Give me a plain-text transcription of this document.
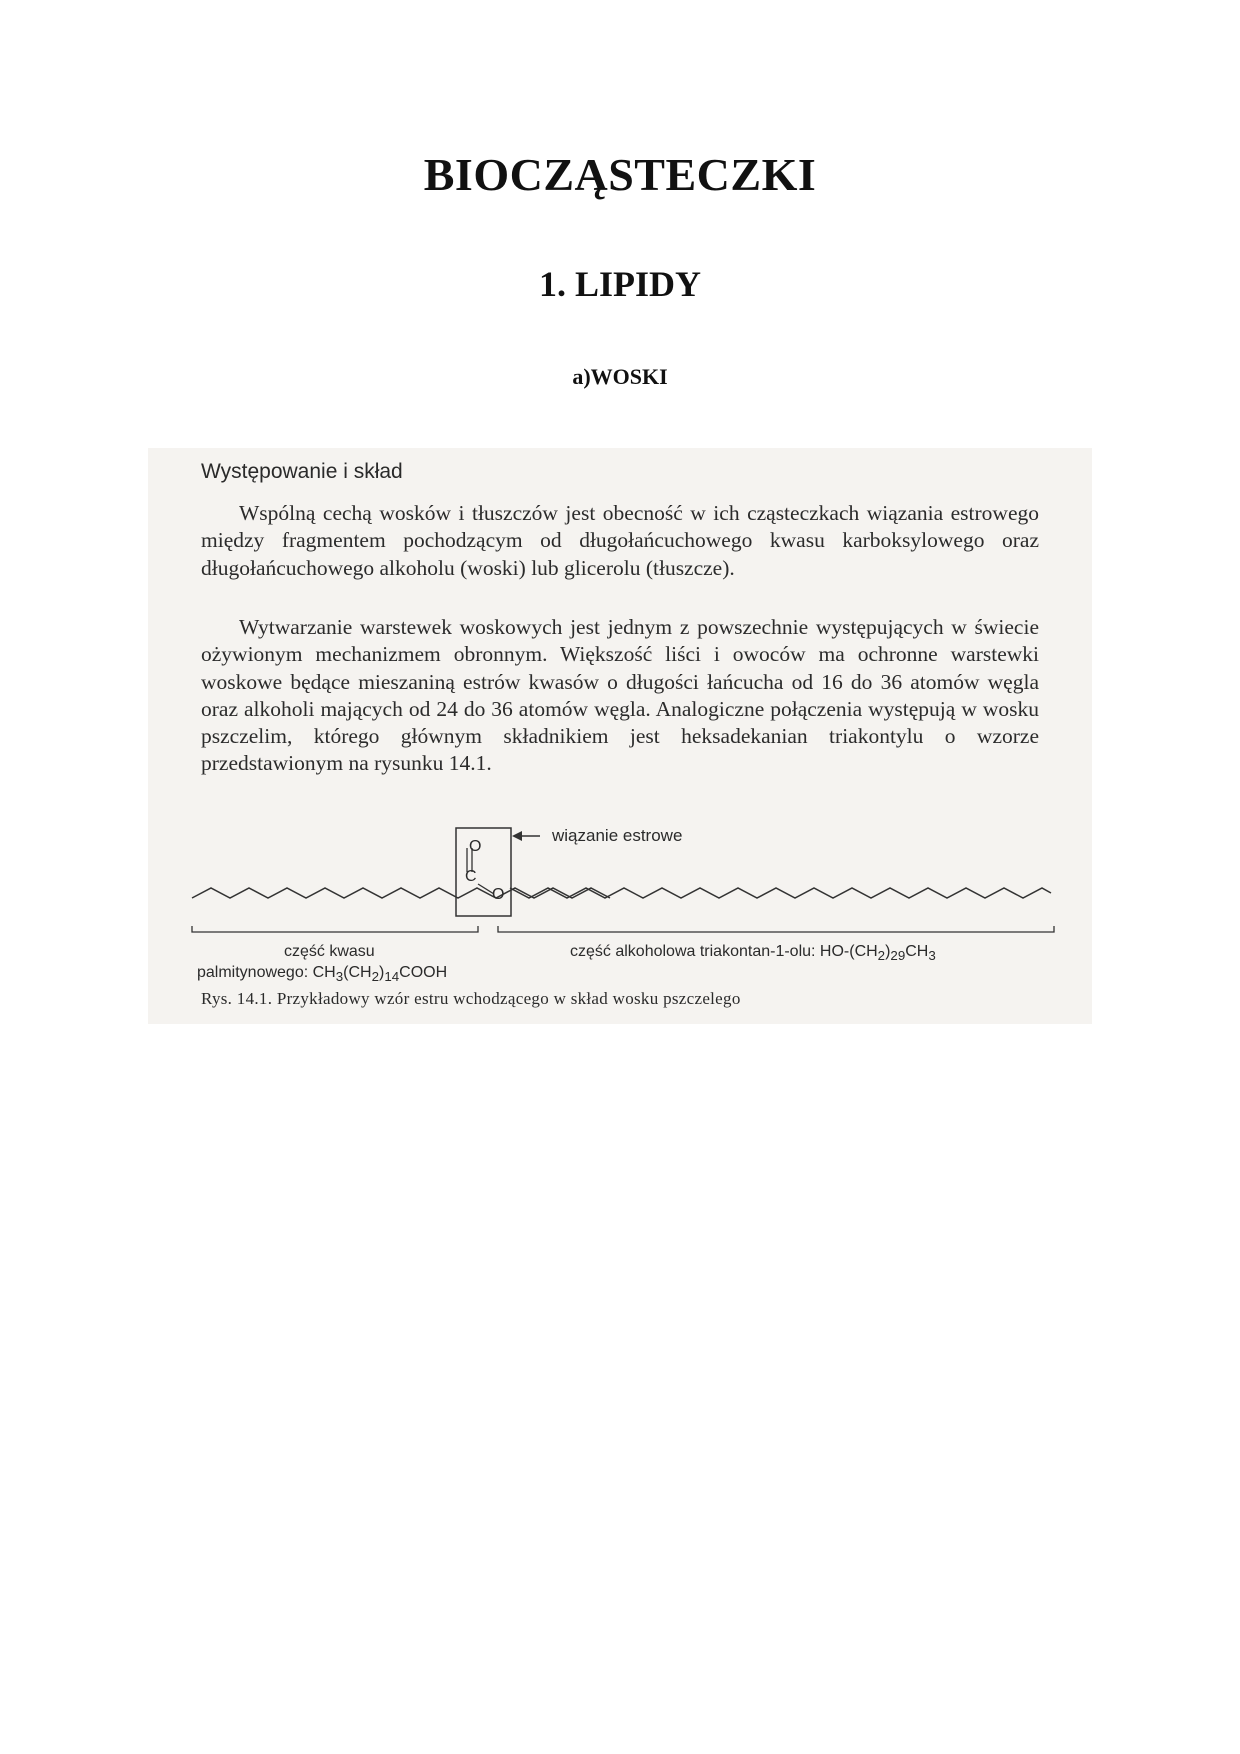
BIOCZĄSTECZKI
1. LIPIDY
a)WOSKI
Występowanie i skład

Wspólną cechą wosków i tłuszczów jest obecność w ich cząsteczkach wiązania estrowego między fragmentem pochodzącym od długołańcuchowego kwasu karboksylowego oraz długołańcuchowego alkoholu (woski) lub glicerolu (tłuszcze).

Wytwarzanie warstewek woskowych jest jednym z powszechnie występujących w świecie ożywionym mechanizmem obronnym. Większość liści i owoców ma ochronne warstewki woskowe będące mieszaniną estrów kwasów o długości łańcucha od 16 do 36 atomów węgla oraz alkoholi mających od 24 do 36 atomów węgla. Analogiczne połączenia występują w wosku pszczelim, którego głównym składnikiem jest heksadekanian triakontylu o wzorze przedstawionym na rysunku 14.1.

O
C
O
wiązanie estrowe
część kwasu
palmitynowego: $CH_3(CH_2)_{14}COOH$
część alkoholowa triakontan-1-olu: $HO-(CH_2)_{29}CH_3$
Rys. 14.1. Przykładowy wzór estru wchodzącego w skład wosku pszczelego
